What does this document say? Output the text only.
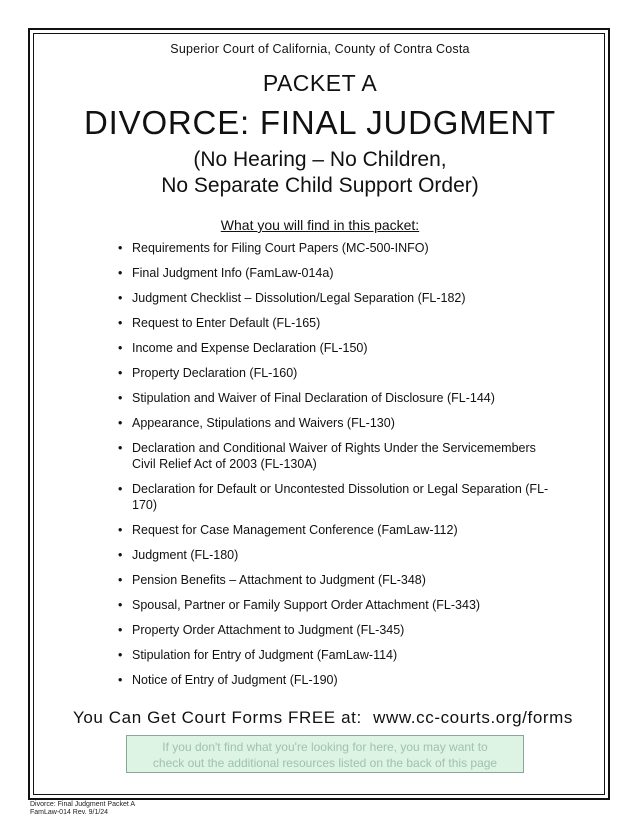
Superior Court of California, County of Contra Costa
PACKET A
DIVORCE: FINAL JUDGMENT
(No Hearing – No Children,
No Separate Child Support Order)
What you will find in this packet:
• Requirements for Filing Court Papers (MC-500-INFO)
• Final Judgment Info (FamLaw-014a)
• Judgment Checklist – Dissolution/Legal Separation (FL-182)
• Request to Enter Default (FL-165)
• Income and Expense Declaration (FL-150)
• Property Declaration (FL-160)
• Stipulation and Waiver of Final Declaration of Disclosure (FL-144)
• Appearance, Stipulations and Waivers (FL-130)
• Declaration and Conditional Waiver of Rights Under the Servicemembers Civil Relief Act of 2003 (FL-130A)
• Declaration for Default or Uncontested Dissolution or Legal Separation (FL-170)
• Request for Case Management Conference (FamLaw-112)
• Judgment (FL-180)
• Pension Benefits – Attachment to Judgment (FL-348)
• Spousal, Partner or Family Support Order Attachment (FL-343)
• Property Order Attachment to Judgment (FL-345)
• Stipulation for Entry of Judgment (FamLaw-114)
• Notice of Entry of Judgment (FL-190)
You Can Get Court Forms FREE at: www.cc-courts.org/forms
If you don't find what you're looking for here, you may want to
check out the additional resources listed on the back of this page
Divorce: Final Judgment Packet A
FamLaw-014 Rev. 9/1/24
